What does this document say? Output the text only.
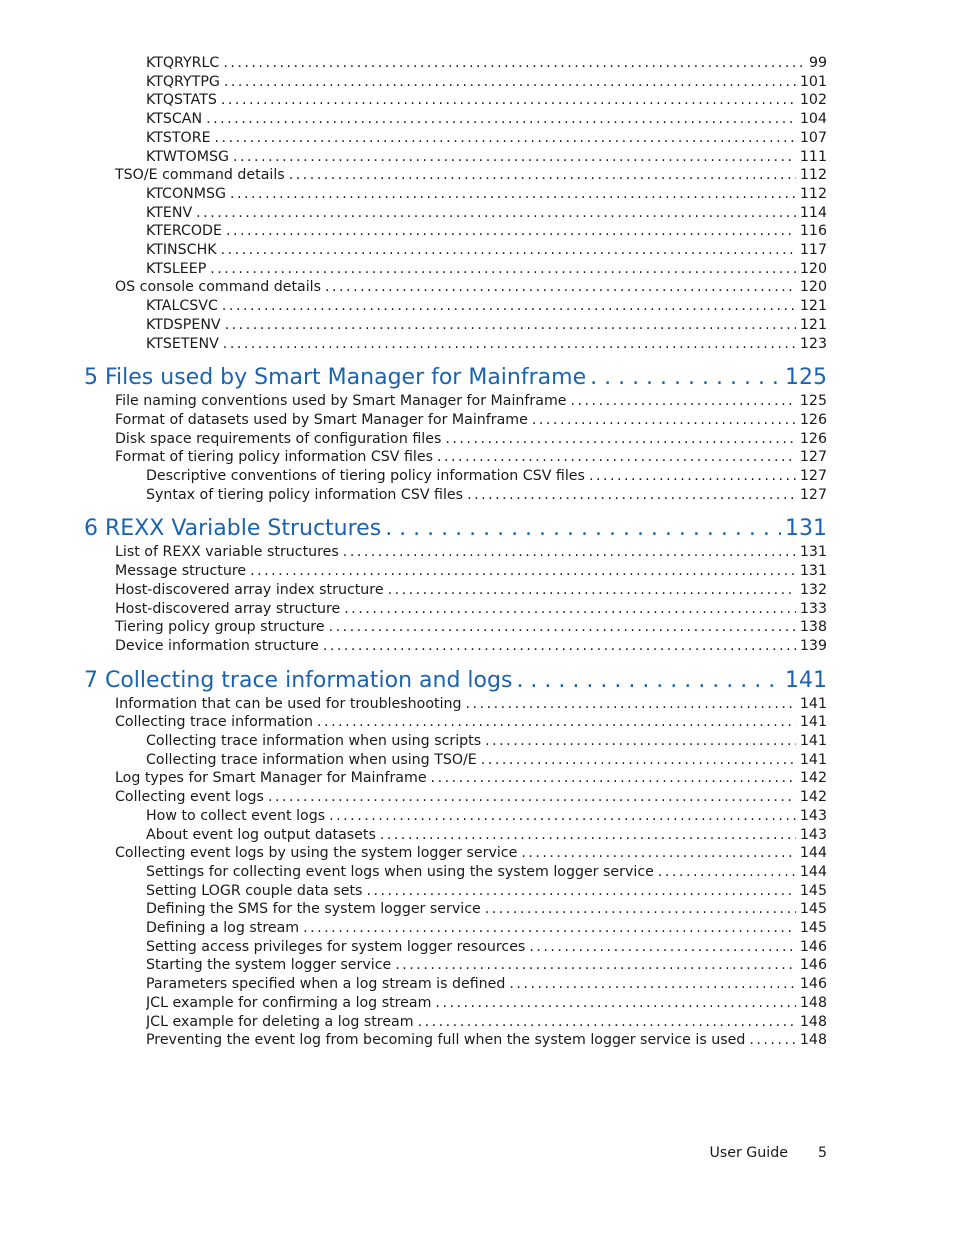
KTQRYRLC . . .	99
KTQRYTPG . . .	101
KTQSTATS . . .	102
KTSCAN . . .	104
KTSTORE . . .	107
KTWTOMSG . . .	111
TSO/E command details . . .	112
KTCONMSG . . .	112
KTENV . . .	114
KTERCODE . . .	116
KTINSCHK . . .	117
KTSLEEP . . .	120
OS console command details . . .	120
KTALCSVC . . .	121
KTDSPENV . . .	121
KTSETENV . . .	123
5 Files used by Smart Manager for Mainframe . . .	125
File naming conventions used by Smart Manager for Mainframe . . .	125
Format of datasets used by Smart Manager for Mainframe . . .	126
Disk space requirements of configuration files . . .	126
Format of tiering policy information CSV files . . .	127
Descriptive conventions of tiering policy information CSV files . . .	127
Syntax of tiering policy information CSV files . . .	127
6 REXX Variable Structures . . .	131
List of REXX variable structures . . .	131
Message structure . . .	131
Host-discovered array index structure . . .	132
Host-discovered array structure . . .	133
Tiering policy group structure . . .	138
Device information structure . . .	139
7 Collecting trace information and logs . . .	141
Information that can be used for troubleshooting . . .	141
Collecting trace information . . .	141
Collecting trace information when using scripts . . .	141
Collecting trace information when using TSO/E . . .	141
Log types for Smart Manager for Mainframe . . .	142
Collecting event logs . . .	142
How to collect event logs . . .	143
About event log output datasets . . .	143
Collecting event logs by using the system logger service . . .	144
Settings for collecting event logs when using the system logger service . . .	144
Setting LOGR couple data sets . . .	145
Defining the SMS for the system logger service . . .	145
Defining a log stream . . .	145
Setting access privileges for system logger resources . . .	146
Starting the system logger service . . .	146
Parameters specified when a log stream is defined . . .	146
JCL example for confirming a log stream . . .	148
JCL example for deleting a log stream . . .	148
Preventing the event log from becoming full when the system logger service is used . . .	148
User Guide 5
